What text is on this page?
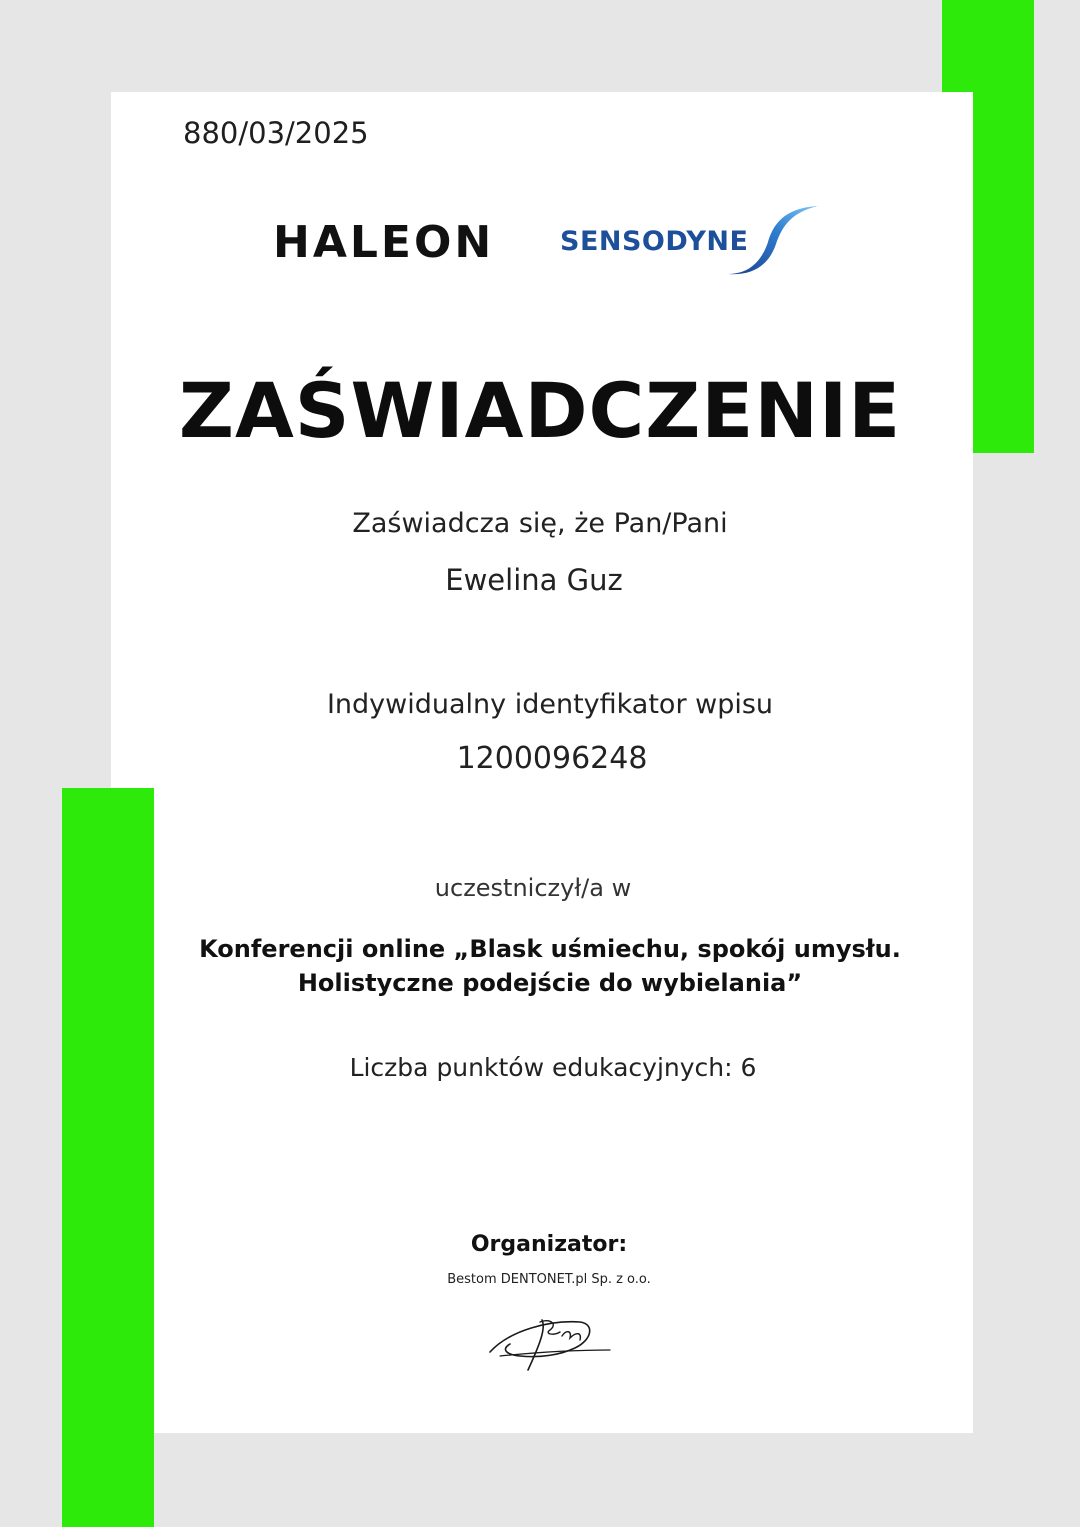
880/03/2025
HALEON SENSODYNE
ZAŚWIADCZENIE
Zaświadcza się, że Pan/Pani
Ewelina Guz
Indywidualny identyfikator wpisu
1200096248
uczestniczył/a w
Konferencji online „Blask uśmiechu, spokój umysłu.
Holistyczne podejście do wybielania”
Liczba punktów edukacyjnych: 6
Organizator:
Bestom DENTONET.pl Sp. z o.o.
